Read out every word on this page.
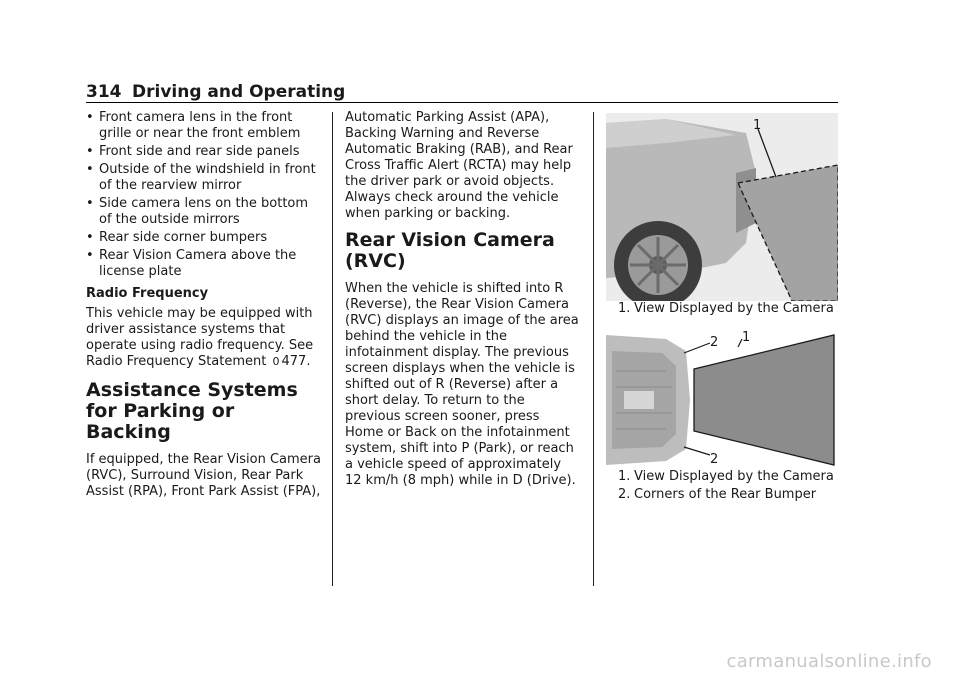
314 Driving and Operating
• Front camera lens in the front grille or near the front emblem
• Front side and rear side panels
• Outside of the windshield in front of the rearview mirror
• Side camera lens on the bottom of the outside mirrors
• Rear side corner bumpers
• Rear Vision Camera above the license plate
Radio Frequency

This vehicle may be equipped with driver assistance systems that operate using radio frequency. See Radio Frequency Statement 0 477.

Assistance Systems for Parking or Backing

If equipped, the Rear Vision Camera (RVC), Surround Vision, Rear Park Assist (RPA), Front Park Assist (FPA),

Automatic Parking Assist (APA), Backing Warning and Reverse Automatic Braking (RAB), and Rear Cross Traffic Alert (RCTA) may help the driver park or avoid objects. Always check around the vehicle when parking or backing.

Rear Vision Camera (RVC)

When the vehicle is shifted into R (Reverse), the Rear Vision Camera (RVC) displays an image of the area behind the vehicle in the infotainment display. The previous screen displays when the vehicle is shifted out of R (Reverse) after a short delay. To return to the previous screen sooner, press Home or Back on the infotainment system, shift into P (Park), or reach a vehicle speed of approximately 12 km/h (8 mph) while in D (Drive).

1
1. View Displayed by the Camera
2 1
2
1. View Displayed by the Camera
2. Corners of the Rear Bumper
carmanualsonline.info
